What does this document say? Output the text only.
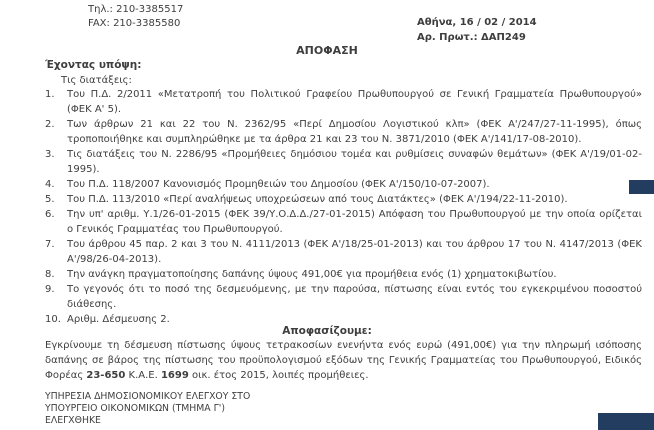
Τηλ.: 210-3385517
FAX: 210-3385580	Αθήνα, 16 / 02 / 2014
Αρ. Πρωτ.: ΔΑΠ249
ΑΠΟΦΑΣΗ
Έχοντας υπόψη:
Τις διατάξεις:
1.	Του Π.Δ. 2/2011 «Μετατροπή του Πολιτικού Γραφείου Πρωθυπουργού σε Γενική Γραμματεία Πρωθυπουργού» (ΦΕΚ Α' 5).
2.	Των άρθρων 21 και 22 του Ν. 2362/95 «Περί Δημοσίου Λογιστικού κλπ» (ΦΕΚ Α'/247/27-11-1995), όπως τροποποιήθηκε και συμπληρώθηκε με τα άρθρα 21 και 23 του Ν. 3871/2010 (ΦΕΚ Α'/141/17-08-2010).
3.	Τις διατάξεις του Ν. 2286/95 «Προμήθειες δημόσιου τομέα και ρυθμίσεις συναφών θεμάτων» (ΦΕΚ Α'/19/01-02-1995).
4.	Του Π.Δ. 118/2007 Κανονισμός Προμηθειών του Δημοσίου (ΦΕΚ Α'/150/10-07-2007).
5.	Του Π.Δ. 113/2010 «Περί αναλήψεως υποχρεώσεων από τους Διατάκτες» (ΦΕΚ Α'/194/22-11-2010).
6.	Την υπ' αριθμ. Υ.1/26-01-2015 (ΦΕΚ 39/Υ.Ο.Δ.Δ./27-01-2015) Απόφαση του Πρωθυπουργού με την οποία ορίζεται ο Γενικός Γραμματέας του Πρωθυπουργού.
7.	Του άρθρου 45 παρ. 2 και 3 του Ν. 4111/2013 (ΦΕΚ Α'/18/25-01-2013) και του άρθρου 17 του Ν. 4147/2013 (ΦΕΚ Α'/98/26-04-2013).
8.	Την ανάγκη πραγματοποίησης δαπάνης ύψους 491,00€ για προμήθεια ενός (1) χρηματοκιβωτίου.
9.	Το γεγονός ότι το ποσό της δεσμευόμενης, με την παρούσα, πίστωσης είναι εντός του εγκεκριμένου ποσοστού διάθεσης.
10. Αριθμ. Δέσμευσης 2.
Αποφασίζουμε:
Εγκρίνουμε τη δέσμευση πίστωσης ύψους τετρακοσίων ενενήντα ενός ευρώ (491,00€) για την πληρωμή ισόποσης δαπάνης σε βάρος της πίστωσης του προϋπολογισμού εξόδων της Γενικής Γραμματείας του Πρωθυπουργού, Ειδικός Φορέας 23-650 Κ.Α.Ε. 1699 οικ. έτος 2015, λοιπές προμήθειες.
ΥΠΗΡΕΣΙΑ ΔΗΜΟΣΙΟΝΟΜΙΚΟΥ ΕΛΕΓΧΟΥ ΣΤΟ
ΥΠΟΥΡΓΕΙΟ ΟΙΚΟΝΟΜΙΚΩΝ (ΤΜΗΜΑ Γ')
ΕΛΕΓΧΘΗΚΕ
